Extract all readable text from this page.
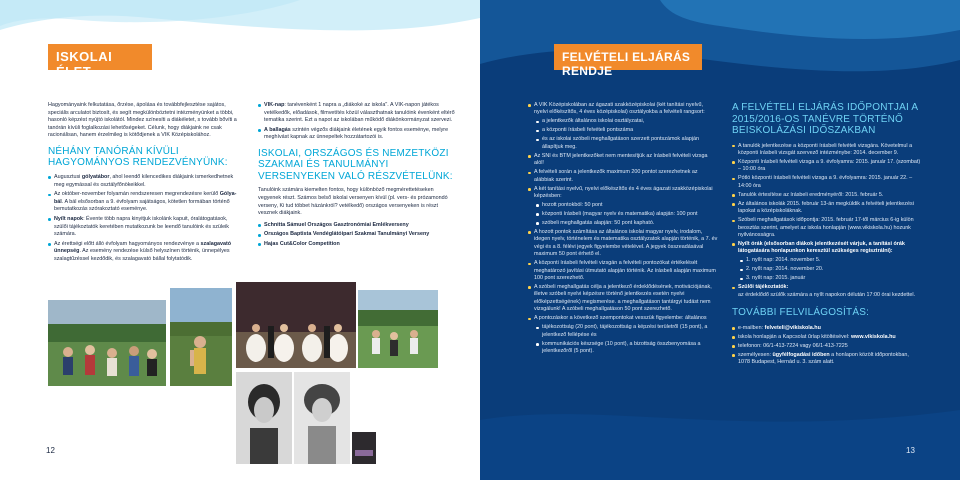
ISKOLAI ÉLET

Hagyományaink felkutatása, őrzése, ápolása és továbbfejlesztése sajátos, speciális arculatot biztosít, és segít megkülönböztetni intézményünket a többi, hasonló képzést nyújtó iskolától. Mindez színesíti a diákéletet, s tovább bővíti a tanórán kívüli foglalkozási lehetőségeket. Célunk, hogy diákjaink ne csak racionálisan, hanem érzelmileg is kötődjenek a VIK Középiskolához.

NÉHÁNY TANÓRÁN KÍVÜLI HAGYOMÁNYOS RENDEZVÉNYÜNK:
Augusztusi gólyatábor, ahol leendő kilencedikes diákjaink ismerkedhetnek meg egymással és osztályfőnökeikkel.
Az október-november folyamán rendszeresen megrendezésre kerülő Gólya-bál. A bál elsősorban a 9. évfolyam sajátságos, kötetlen formában történő bemutatkozás szórakoztató eseménye.
Nyílt napok: Évente több napra kinyitjuk iskolánk kapuit, óralátogatások, szülői tájékoztatók keretében mutatkozunk be leendő tanulóink és szüleik számára.
Az érettségi előtt álló évfolyam hagyományos rendezvénye a szalagavató ünnepség. Az esemény rendezése külső helyszínen történik, ünnepélyes szalagtűzéssel kezdődik, és szalagavató bállal folytatódik.
VIK-nap: tanévenként 1 napra a „diákoké az iskola". A VIK-napon játékos vetélkedők, előadások, filmvetítés közül választhatnak tanulóink évenként eltérő tematika szerint. Ezt a napot az iskolában működő diákönkormányzat szervezi.
A ballagás szintén végzős diákjaink életének egyik fontos eseménye, melyre meghívást kapnak az ünnepeltek hozzátartozói is.
ISKOLAI, ORSZÁGOS ÉS NEMZETKÖZI SZAKMAI ÉS TANULMÁNYI VERSENYEKEN VALÓ RÉSZVÉTELÜNK:

Tanulóink számára kiemelten fontos, hogy különböző megmérettetéseken vegyenek részt. Számos belső iskolai versenyen kívül (pl. vers- és prózamondó verseny, Ki tud többet házánkról? vetélkedő) országos versenyeken is részt vesznek diákjaink.

Schnitta Sámuel Országos Gasztronómiai Emlékverseny
Országos Baptista Vendéglátóipari Szakmai Tanulmányi Verseny
Hajas Cut&Color Competition
12
FELVÉTELI ELJÁRÁS RENDJE
A VIK Középiskolában az ágazati szakközépiskolai (két tanítási nyelvű, nyelvi előkészítős, 4 éves középiskolai) osztályokba a felvételi rangsort:
a jelentkezők általános iskolai osztályzatai,
a központi írásbeli felvételi pontszáma
és az iskolai szóbeli meghallgatáson szerzett pontszámok alapján állapítjuk meg.
Az SNI és BTM jelentkezőket nem mentesítjük az írásbeli felvételi vizsga alól!
A felvételi során a jelentkezők maximum 200 pontot szerezhetnek az alábbiak szerint.
A két tanítási nyelvű, nyelvi előkészítős és 4 éves ágazati szakközépiskolai képzésben:
hozott pontokból: 50 pont
központi írásbeli (magyar nyelv és matematika) alapján: 100 pont
szóbeli meghallgatás alapján: 50 pont kapható.
A hozott pontok számítása az általános iskolai magyar nyelv, irodalom, idegen nyelv, történelem és matematika osztályzatok alapján történik, a 7. év végi és a 8. félévi jegyek figyelembe vételével. A jegyek összeadásával maximum 50 pont érhető el.
A központi írásbeli felvételi vizsgán a felvételi pontozókat értékelését meghatározó javítási útmutató alapján történik. Az írásbeli alapján maximum 100 pont szerezhető.
A szóbeli meghallgatás célja a jelentkező érdeklődésének, motivációjának, illetve szóbeli nyelvi képzésre történő jelentkezés esetén nyelvi előképzettségének) megismerése. a meghallgatáson tantárgyi tudást nem vizsgálunk! A szóbeli meghallgatáson 50 pont szerezhető.
A pontozáskor a következő szempontokat vesszük figyelembe: általános
tájékozottság (20 pont), tájékozottság a képzési területről (15 pont), a jelentkező fellépése és
kommunikációs készsége (10 pont), a bizottság összbenyomása a jelentkezőről (5 pont).
A FELVÉTELI ELJÁRÁS IDŐPONTJAI A 2015/2016-OS TANÉVRE TÖRTÉNŐ BEISKOLÁZÁSI IDŐSZAKBAN
A tanulók jelentkezése a központi írásbeli felvételi vizsgára. Követelmul a központi írásbeli vizsgát szervező intézménybe: 2014. december 9.
Központi írásbeli felvételi vizsga a 9. évfolyamra: 2015. január 17. (szombat) – 10:00 óra
Pótló központi írásbeli felvételi vizsga a 9. évfolyamra: 2015. január 22. – 14:00 óra
Tanulók értesítése az írásbeli eredményéről: 2015. február 5.
Az általános iskolák 2015. február 13-án megküldik a felvételi jelentkezési lapokat a középiskoláknak.
Szóbeli meghallgatások időpontja: 2015. február 17-től március 6-ig külön beosztás szerint, amelyet az iskola honlapján (www.vikiskola.hu) hozunk nyilvánosságra.
Nyílt órák (elsősorban diákok jelentkezését várjuk, a tanítási órák látogatására honlapunkon keresztül szükséges regisztrálni):
1. nyílt nap: 2014. november 5.
2. nyílt nap: 2014. november 20.
3. nyílt nap: 2015. január
Szülői tájékoztatók:
az érdeklődő szülők számára a nyílt napokon délután 17:00 órai kezdettel.
TOVÁBBI FELVILÁGOSÍTÁS:
e-mailben: felveteli@vikiskola.hu
iskola honlapján a Kapcsolat űrlap kitöltésével: www.vikiskola.hu
telefonon: 06/1-413-7224 vagy 06/1-413-7225
személyesen: ügyfélfogadási időben a honlapon közölt időpontokban, 1078 Budapest, Hernád u. 3. szám alatt.
13
